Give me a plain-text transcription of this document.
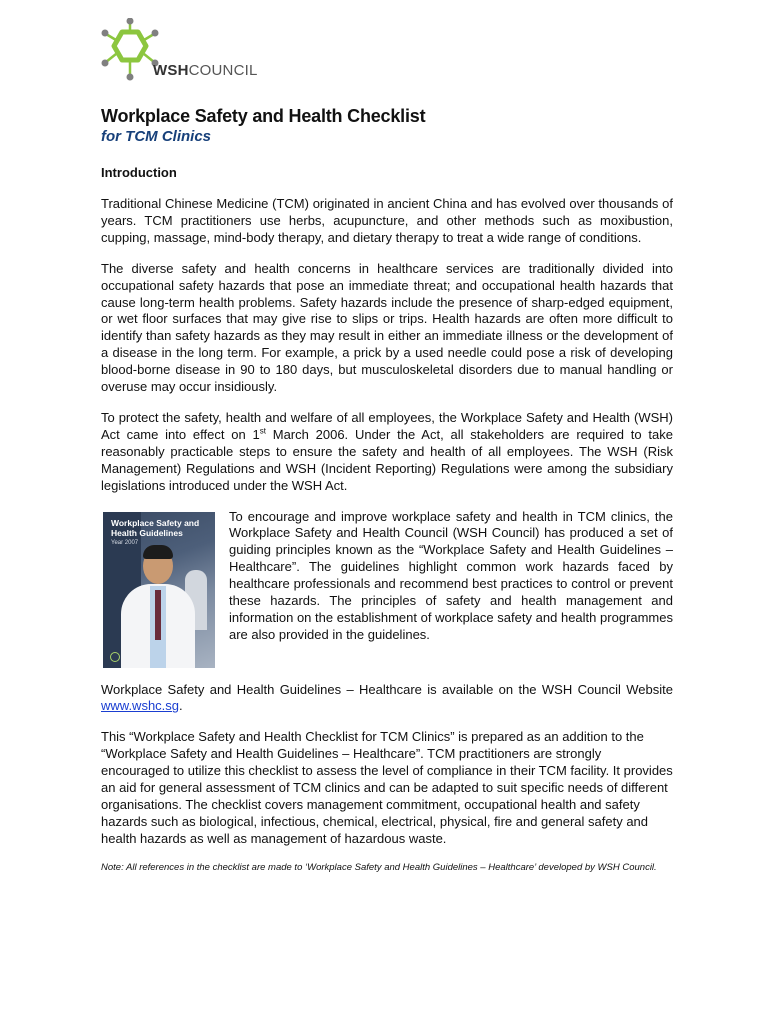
WSHCOUNCIL
Workplace Safety and Health Checklist
for TCM Clinics
Introduction

Traditional Chinese Medicine (TCM) originated in ancient China and has evolved over thousands of years. TCM practitioners use herbs, acupuncture, and other methods such as moxibustion, cupping, massage, mind-body therapy, and dietary therapy to treat a wide range of conditions.

The diverse safety and health concerns in healthcare services are traditionally divided into occupational safety hazards that pose an immediate threat; and occupational health hazards that cause long-term health problems. Safety hazards include the presence of sharp-edged equipment, or wet floor surfaces that may give rise to slips or trips. Health hazards are often more difficult to identify than safety hazards as they may result in either an immediate illness or the development of a disease in the long term. For example, a prick by a used needle could pose a risk of developing blood-borne disease in 90 to 180 days, but musculoskeletal disorders due to manual handling or overuse may occur insidiously.

To protect the safety, health and welfare of all employees, the Workplace Safety and Health (WSH) Act came into effect on 1st March 2006. Under the Act, all stakeholders are required to take reasonably practicable steps to ensure the safety and health of all employees. The WSH (Risk Management) Regulations and WSH (Incident Reporting) Regulations were among the subsidiary legislations introduced under the WSH Act.

Workplace Safety and Health Guidelines
Year 2007

To encourage and improve workplace safety and health in TCM clinics, the Workplace Safety and Health Council (WSH Council) has produced a set of guiding principles known as the “Workplace Safety and Health Guidelines – Healthcare”. The guidelines highlight common work hazards faced by healthcare professionals and recommend best practices to control or prevent these hazards. The principles of safety and health management and information on the establishment of workplace safety and health programmes are also provided in the guidelines.

Workplace Safety and Health Guidelines – Healthcare is available on the WSH Council Website www.wshc.sg.

This “Workplace Safety and Health Checklist for TCM Clinics” is prepared as an addition to the “Workplace Safety and Health Guidelines – Healthcare”. TCM practitioners are strongly encouraged to utilize this checklist to assess the level of compliance in their TCM facility. It provides an aid for general assessment of TCM clinics and can be adapted to suit specific needs of different organisations. The checklist covers management commitment, occupational health and safety hazards such as biological, infectious, chemical, electrical, physical, fire and general safety and health hazards as well as management of hazardous waste.

Note: All references in the checklist are made to ‘Workplace Safety and Health Guidelines – Healthcare’ developed by WSH Council.
